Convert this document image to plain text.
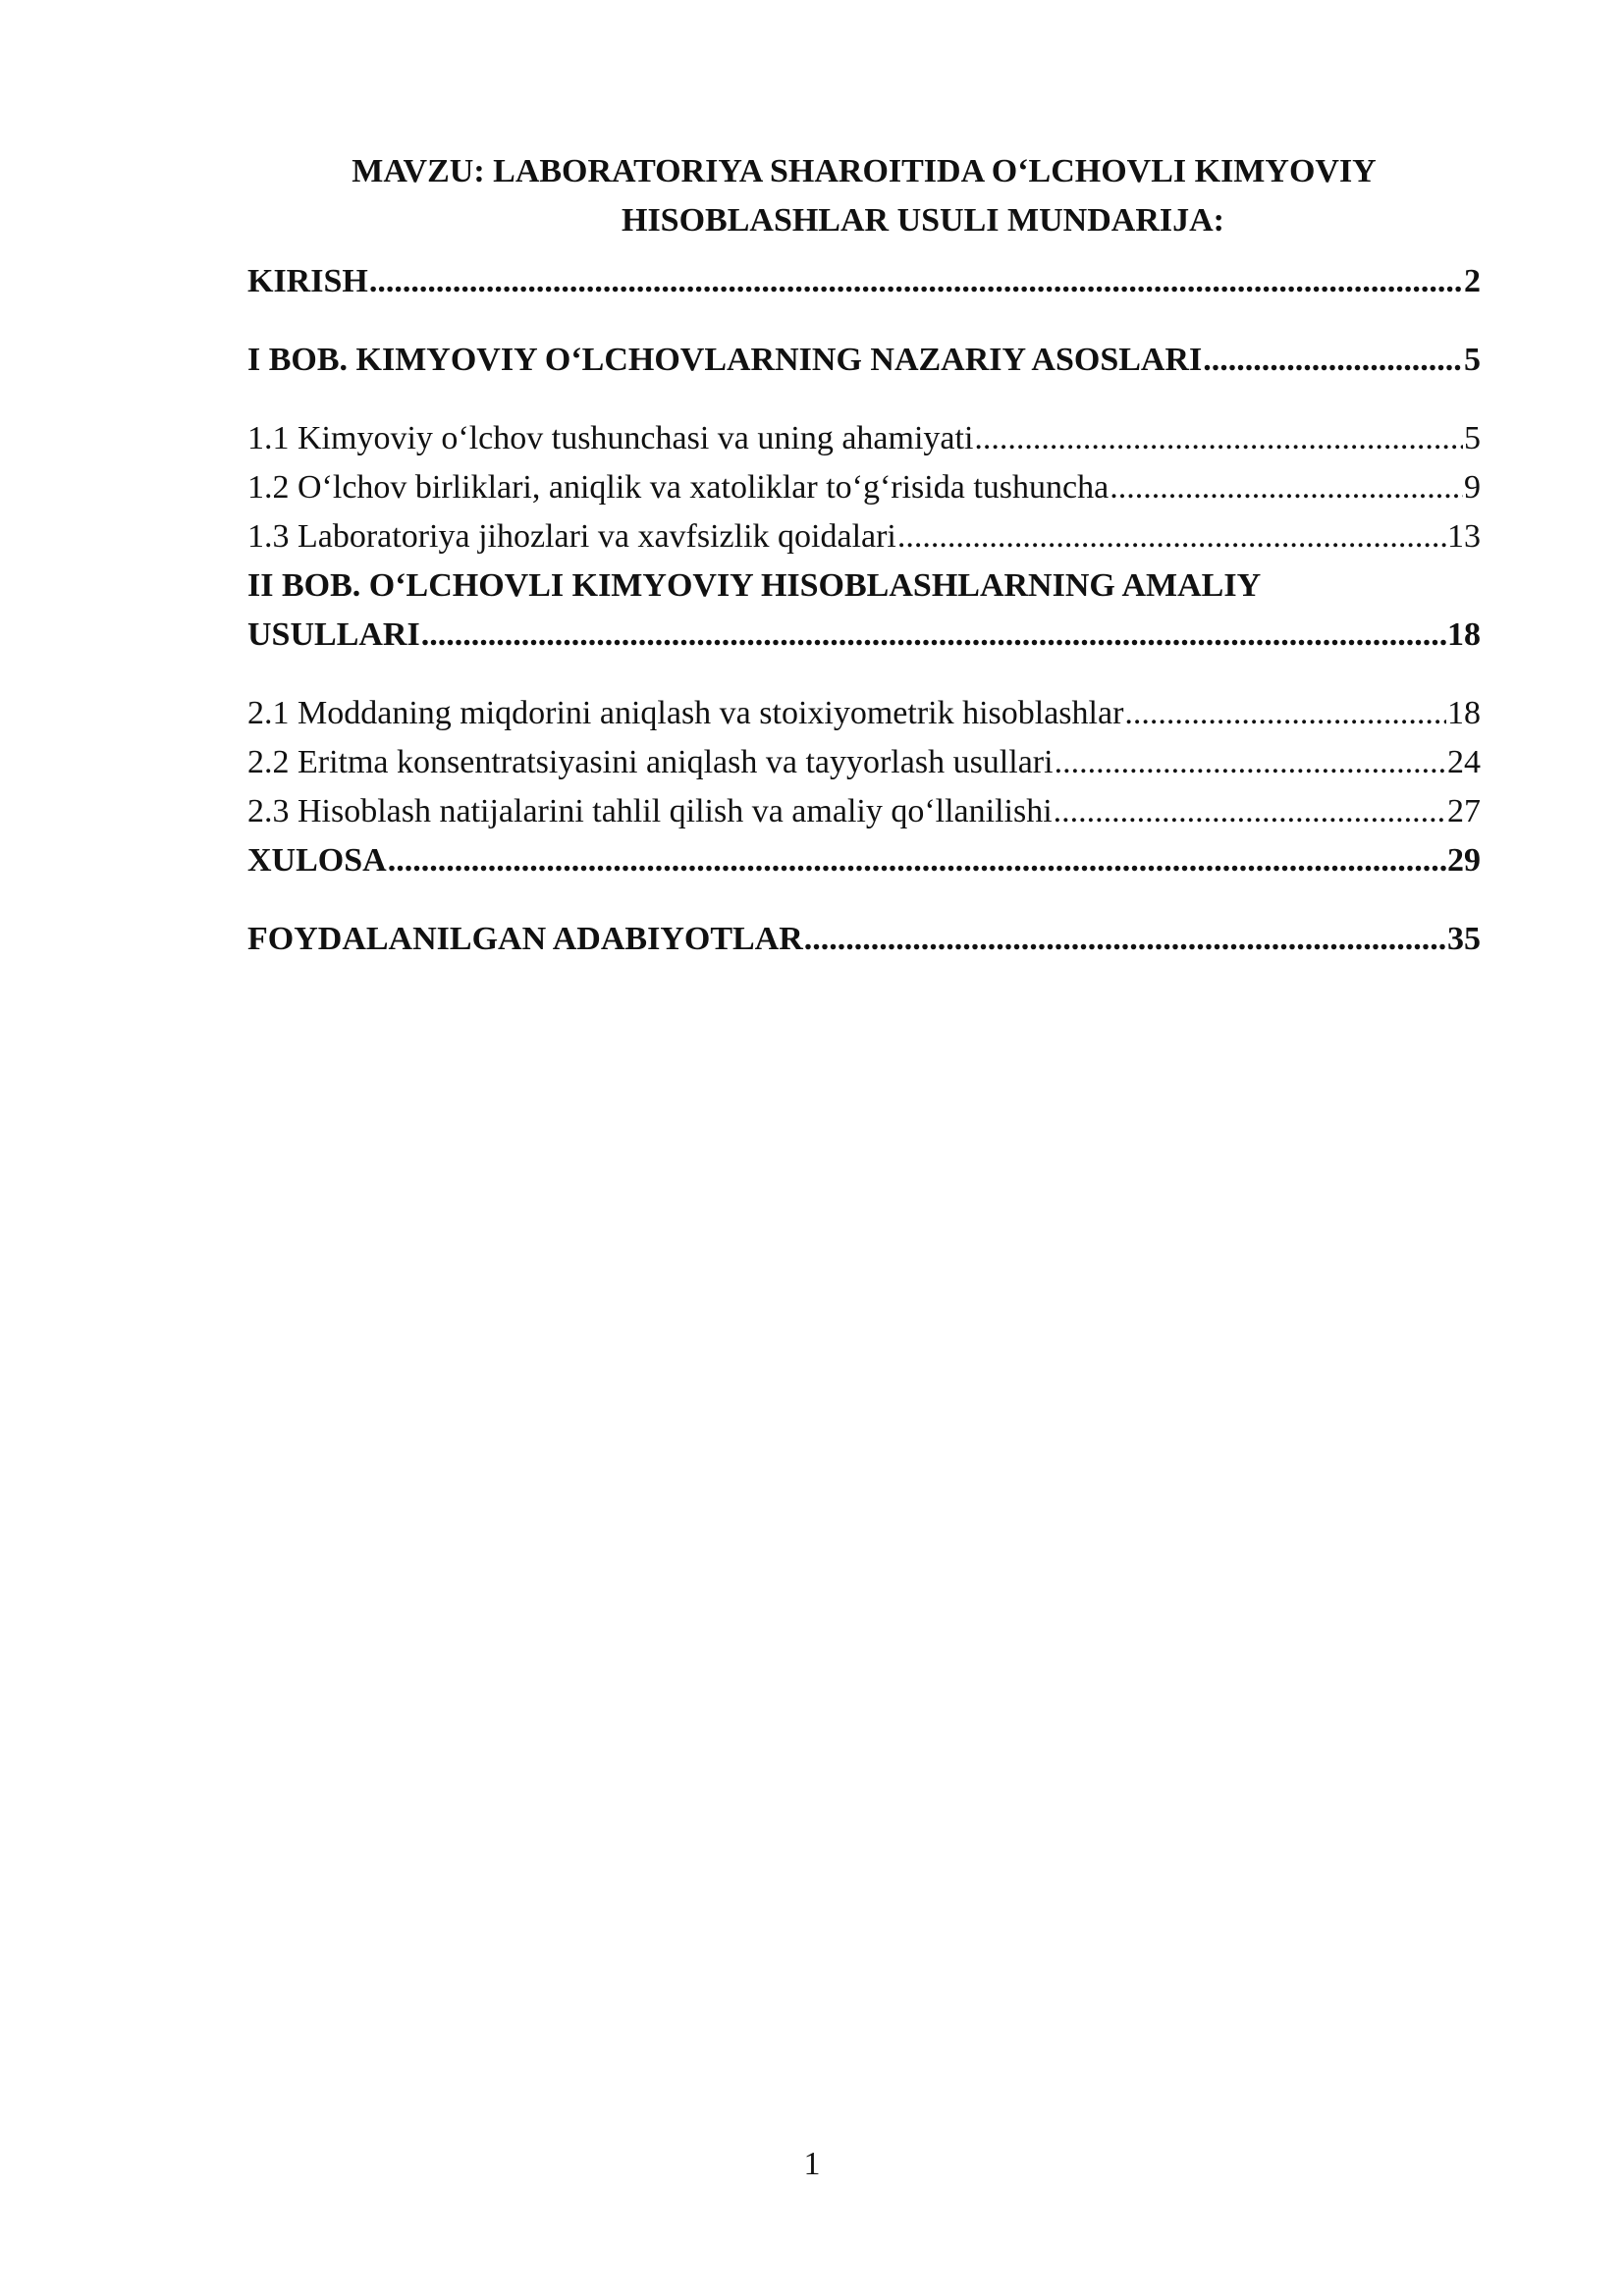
MAVZU: LABORATORIYA SHAROITIDA O‘LCHOVLI KIMYOVIY
HISOBLASHLAR USULI MUNDARIJA:
KIRISH .....	2
I BOB. KIMYOVIY O‘LCHOVLARNING NAZARIY ASOSLARI .....	5
1.1 Kimyoviy o‘lchov tushunchasi va uning ahamiyati .....	5
1.2 O‘lchov birliklari, aniqlik va xatoliklar to‘g‘risida tushuncha .....	9
1.3 Laboratoriya jihozlari va xavfsizlik qoidalari .....	13
II BOB. O‘LCHOVLI KIMYOVIY HISOBLASHLARNING AMALIY
USULLARI .....	18
2.1 Moddaning miqdorini aniqlash va stoixiyometrik hisoblashlar .....	18
2.2 Eritma konsentratsiyasini aniqlash va tayyorlash usullari .....	24
2.3 Hisoblash natijalarini tahlil qilish va amaliy qo‘llanilishi .....	27
XULOSA .....	29
FOYDALANILGAN ADABIYOTLAR .....	35
1
